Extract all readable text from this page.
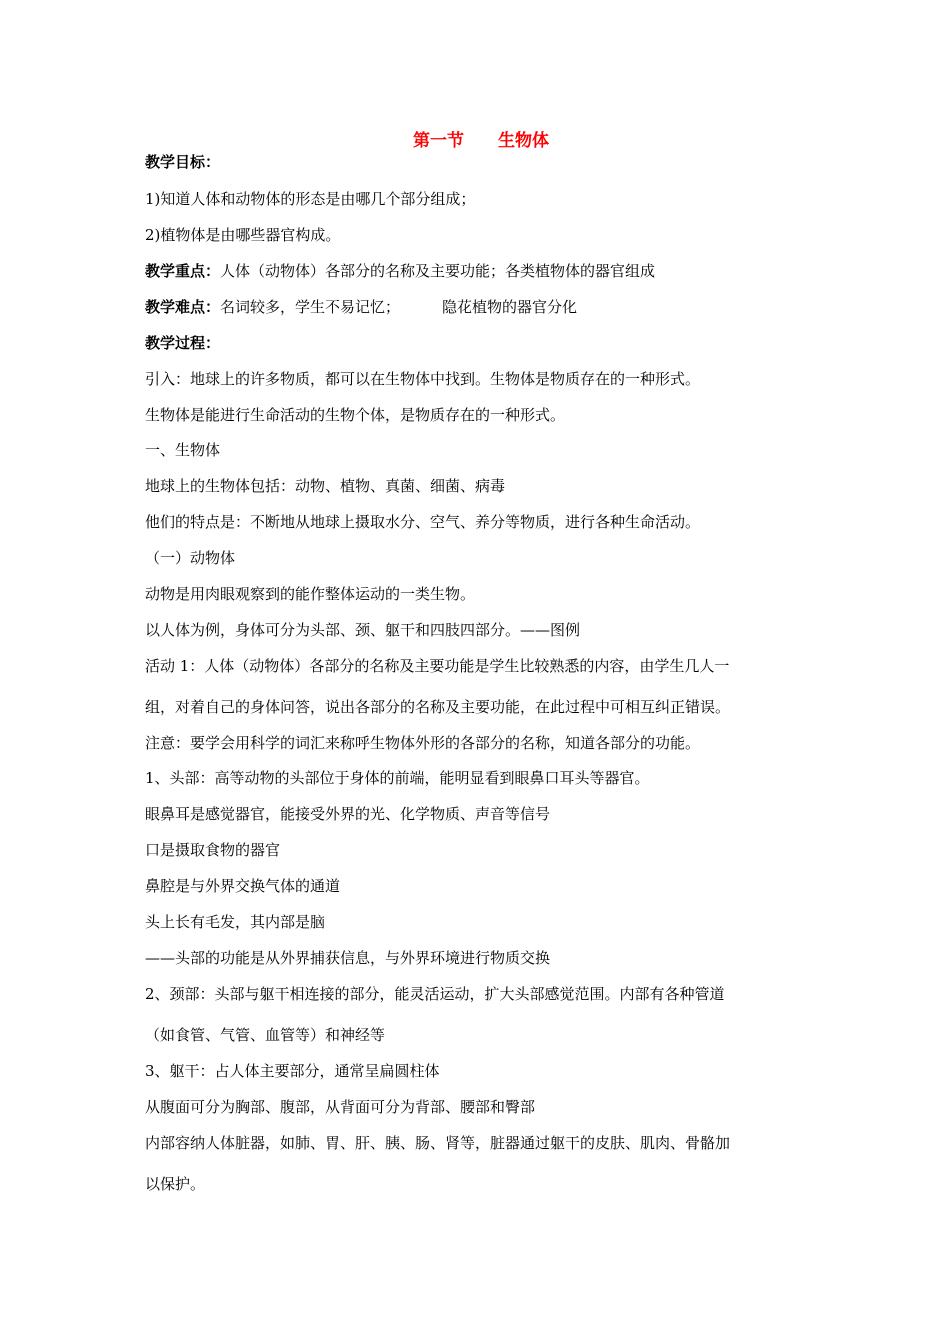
第一节 生物体
教学目标：
1)知道人体和动物体的形态是由哪几个部分组成；
2)植物体是由哪些器官构成。
教学重点：人体（动物体）各部分的名称及主要功能；各类植物体的器官组成
教学难点：名词较多，学生不易记忆；	隐花植物的器官分化
教学过程：
引入：地球上的许多物质，都可以在生物体中找到。生物体是物质存在的一种形式。
生物体是能进行生命活动的生物个体，是物质存在的一种形式。
一、生物体
地球上的生物体包括：动物、植物、真菌、细菌、病毒
他们的特点是：不断地从地球上摄取水分、空气、养分等物质，进行各种生命活动。
（一）动物体
动物是用肉眼观察到的能作整体运动的一类生物。
以人体为例，身体可分为头部、颈、躯干和四肢四部分。——图例
活动 1：人体（动物体）各部分的名称及主要功能是学生比较熟悉的内容，由学生几人一
组，对着自己的身体问答，说出各部分的名称及主要功能，在此过程中可相互纠正错误。
注意：要学会用科学的词汇来称呼生物体外形的各部分的名称，知道各部分的功能。
1、头部：高等动物的头部位于身体的前端，能明显看到眼鼻口耳头等器官。
眼鼻耳是感觉器官，能接受外界的光、化学物质、声音等信号
口是摄取食物的器官
鼻腔是与外界交换气体的通道
头上长有毛发，其内部是脑
——头部的功能是从外界捕获信息，与外界环境进行物质交换
2、颈部：头部与躯干相连接的部分，能灵活运动，扩大头部感觉范围。内部有各种管道
（如食管、气管、血管等）和神经等
3、躯干：占人体主要部分，通常呈扁圆柱体
从腹面可分为胸部、腹部，从背面可分为背部、腰部和臀部
内部容纳人体脏器，如肺、胃、肝、胰、肠、肾等，脏器通过躯干的皮肤、肌肉、骨骼加
以保护。
